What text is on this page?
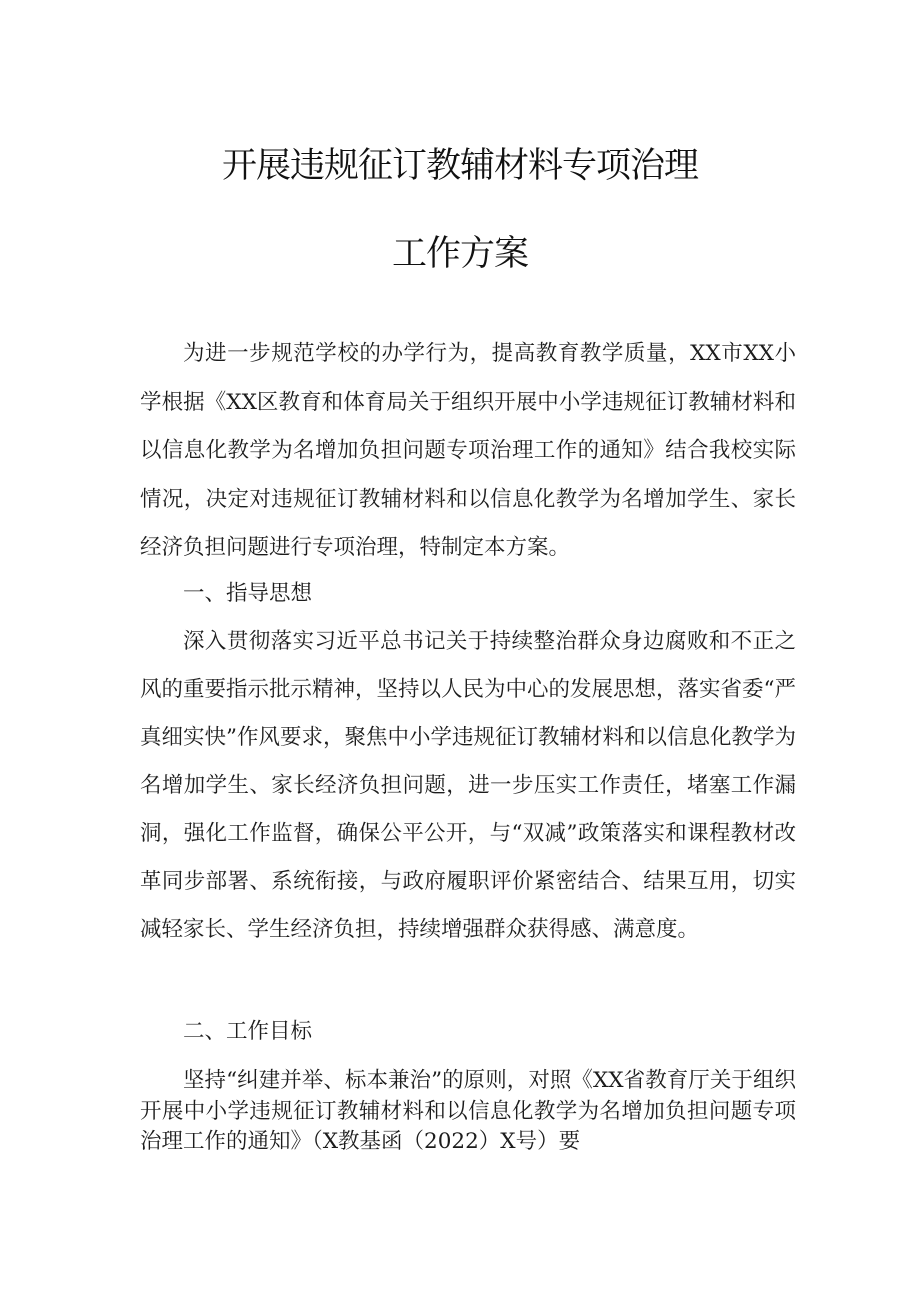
开展违规征订教辅材料专项治理
工作方案

为进一步规范学校的办学行为，提高教育教学质量，XX市XX小学根据《XX区教育和体育局关于组织开展中小学违规征订教辅材料和以信息化教学为名增加负担问题专项治理工作的通知》结合我校实际情况，决定对违规征订教辅材料和以信息化教学为名增加学生、家长经济负担问题进行专项治理，特制定本方案。

一、指导思想

深入贯彻落实习近平总书记关于持续整治群众身边腐败和不正之风的重要指示批示精神，坚持以人民为中心的发展思想，落实省委“严真细实快”作风要求，聚焦中小学违规征订教辅材料和以信息化教学为名增加学生、家长经济负担问题，进一步压实工作责任，堵塞工作漏洞，强化工作监督，确保公平公开，与“双减”政策落实和课程教材改革同步部署、系统衔接，与政府履职评价紧密结合、结果互用，切实减轻家长、学生经济负担，持续增强群众获得感、满意度。

二、工作目标

坚持“纠建并举、标本兼治”的原则，对照《XX省教育厅关于组织开展中小学违规征订教辅材料和以信息化教学为名增加负担问题专项治理工作的通知》（X教基函（2022）X号）要
